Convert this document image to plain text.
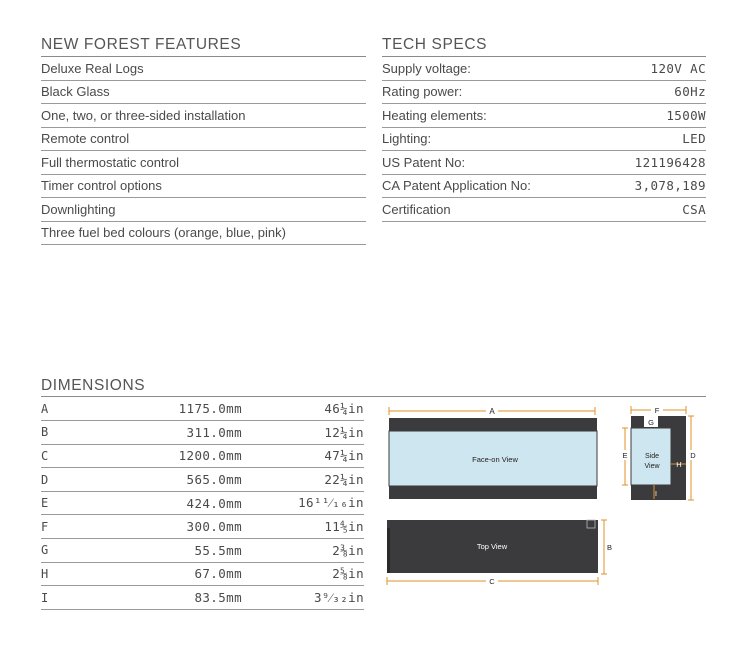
NEW FOREST FEATURES
Deluxe Real Logs
Black Glass
One, two, or three-sided installation
Remote control
Full thermostatic control
Timer control options
Downlighting
Three fuel bed colours (orange, blue, pink)
TECH SPECS
Supply voltage:	120V AC
Rating power:	60Hz
Heating elements:	1500W
Lighting:	LED
US Patent No:	121196428
CA Patent Application No:	3,078,189
Certification	CSA
DIMENSIONS
A	1175.0mm	46¼in
B	311.0mm	12¼in
C	1200.0mm	47¼in
D	565.0mm	22¼in
E	424.0mm	16¹¹⁄₁₆in
F	300.0mm	11⅘in
G	55.5mm	2⅜in
H	67.0mm	2⅝in
I	83.5mm	3⁹⁄₃₂in
A
Face-on View
Top View	B
C
F
G
Side
View H
I
E	D
